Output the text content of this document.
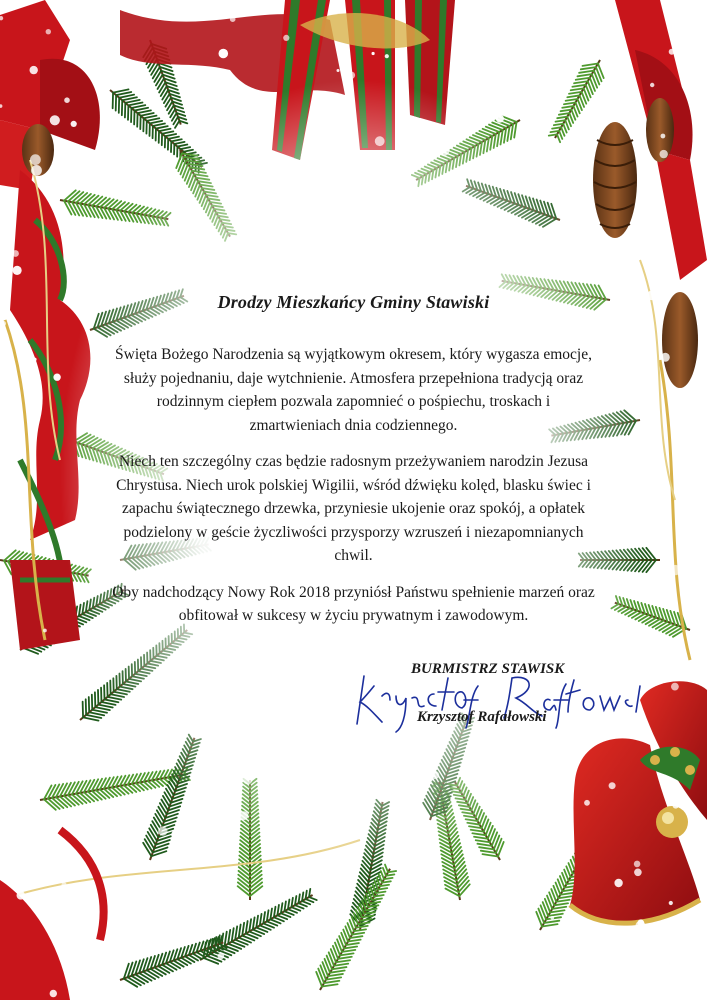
Drodzy Mieszkańcy Gminy Stawiski

Święta Bożego Narodzenia są wyjątkowym okresem, który wygasza emocje, służy pojednaniu, daje wytchnienie. Atmosfera przepełniona tradycją oraz rodzinnym ciepłem pozwala zapomnieć o pośpiechu, troskach i zmartwieniach dnia codziennego.

Niech ten szczególny czas będzie radosnym przeżywaniem narodzin Jezusa Chrystusa. Niech urok polskiej Wigilii, wśród dźwięku kolęd, blasku świec i zapachu świątecznego drzewka, przyniesie ukojenie oraz spokój, a opłatek podzielony w geście życzliwości przysporzy wzruszeń i niezapomnianych chwil.

Oby nadchodzący Nowy Rok 2018 przyniósł Państwu spełnienie marzeń oraz obfitował w sukcesy w życiu prywatnym i zawodowym.

BURMISTRZ STAWISK
Krzysztof Rafałowski
